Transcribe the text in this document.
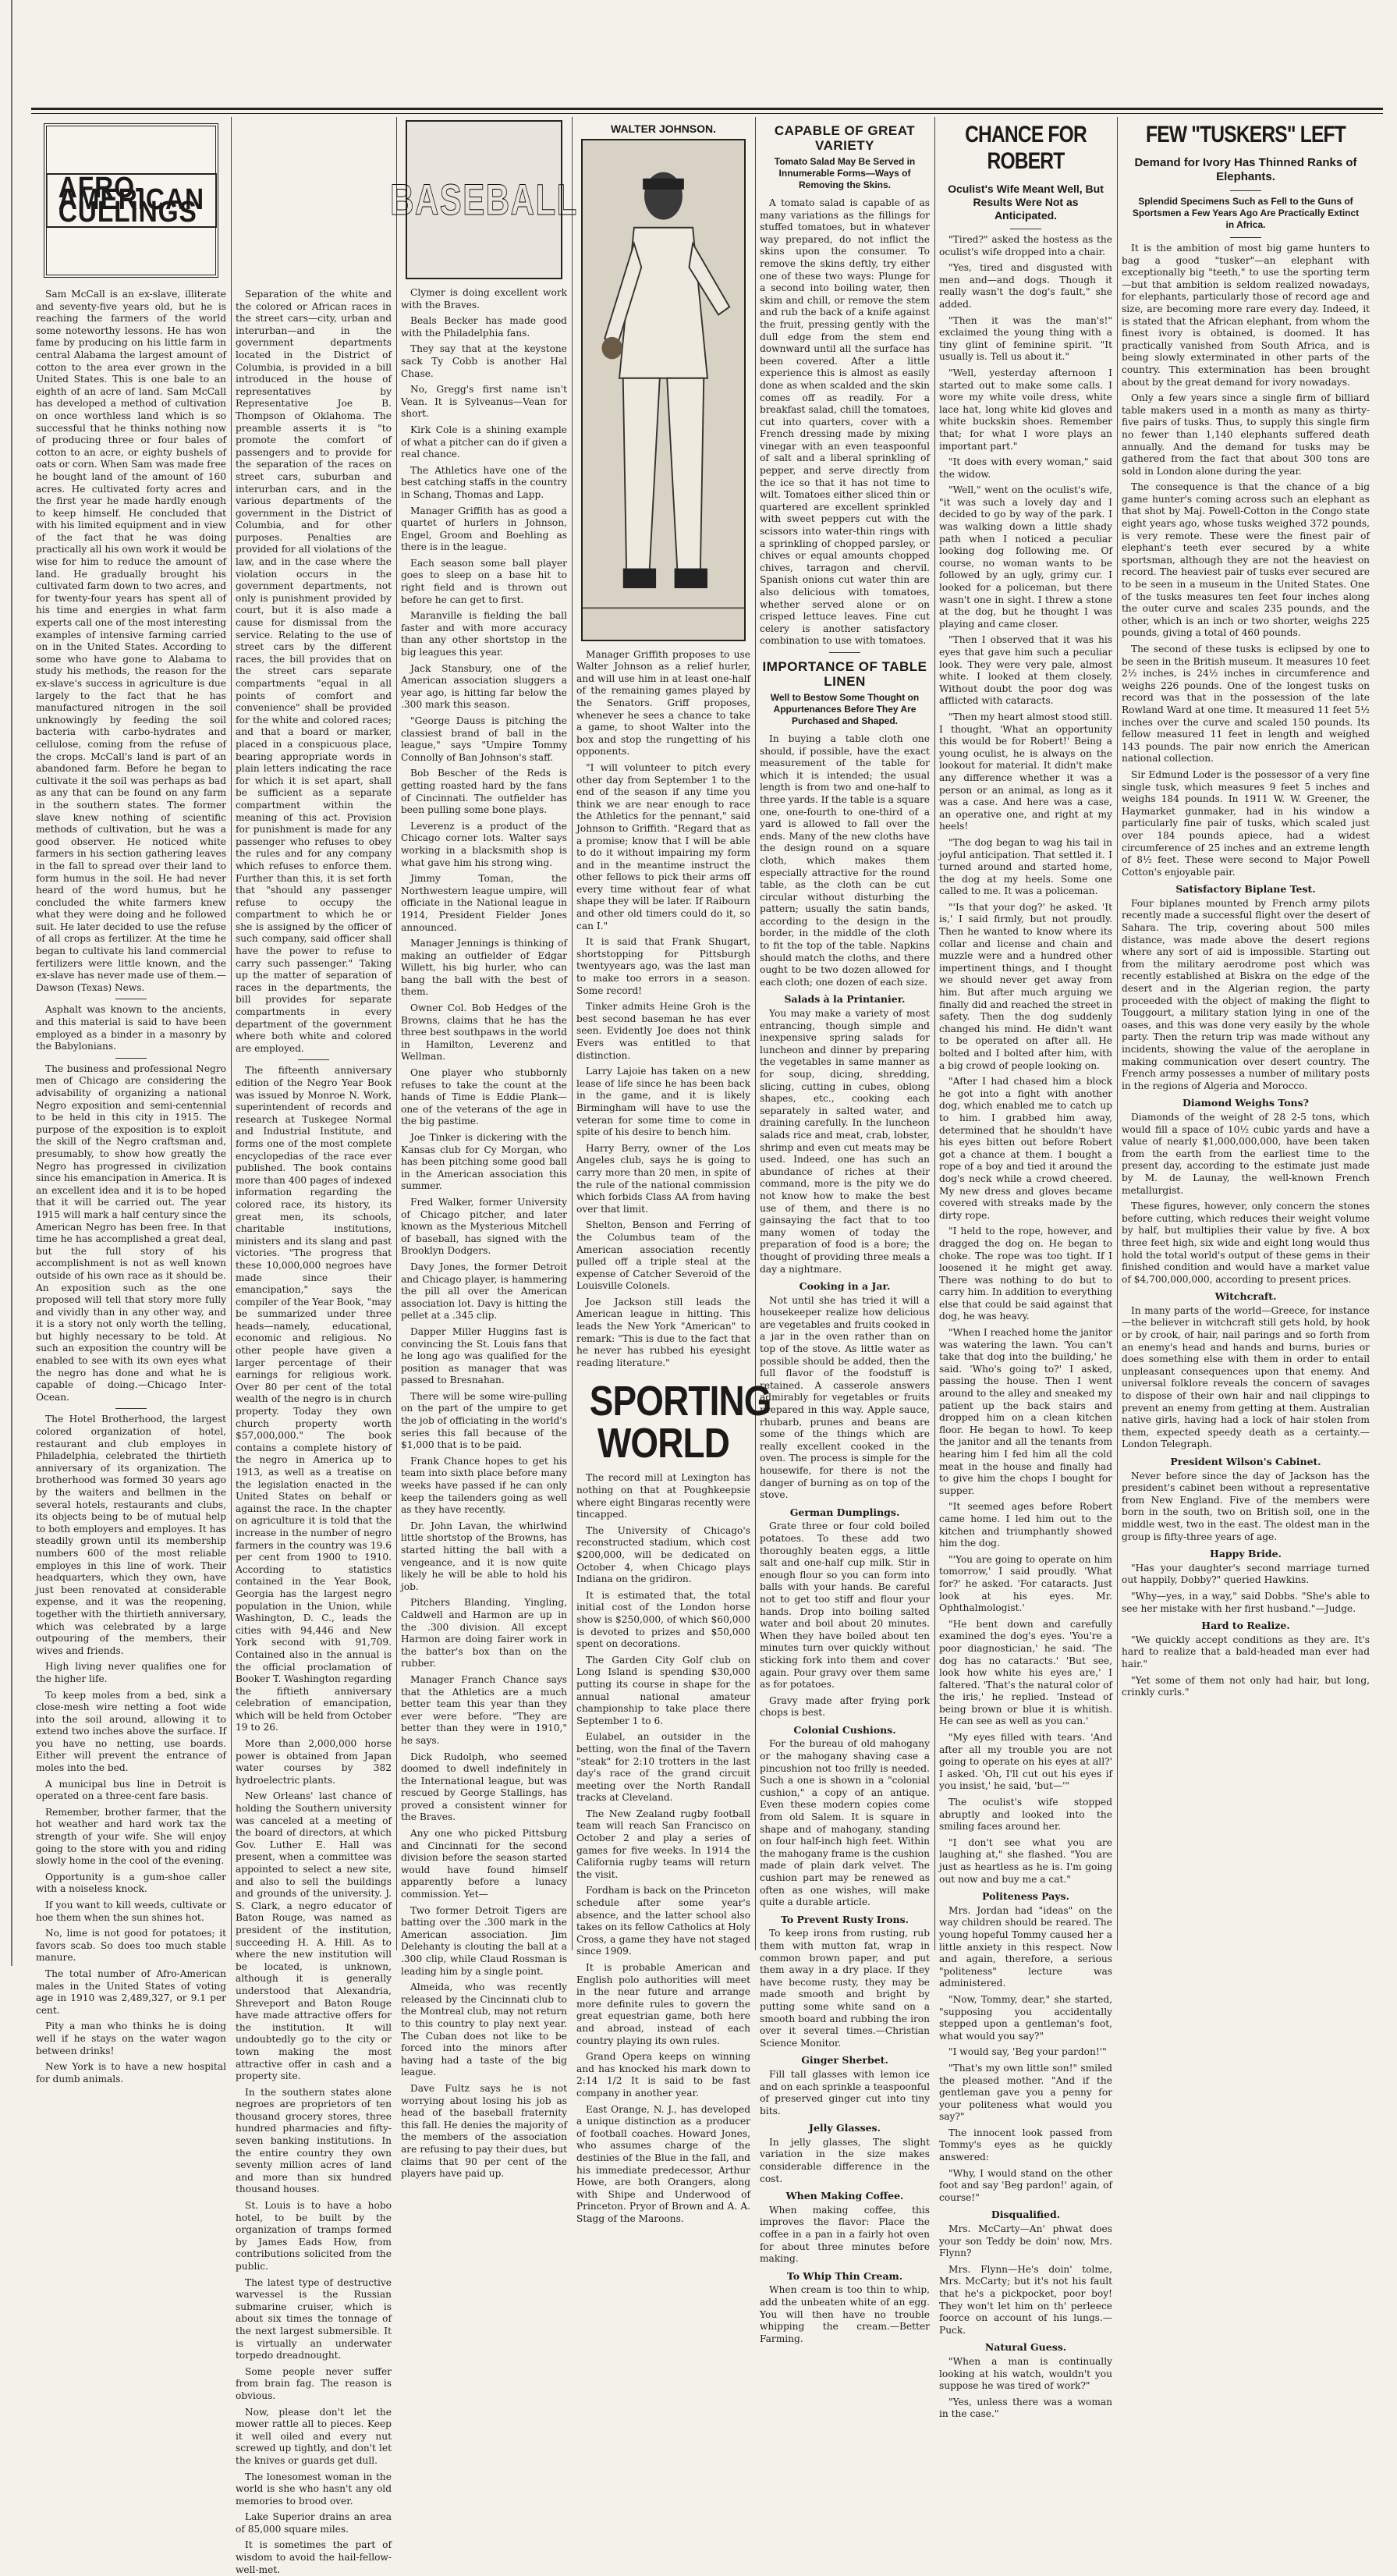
AFRO-AMERICAN CULLINGS

Sam McCall is an ex-slave, illiterate and seventy-five years old, but he is reaching the farmers of the world some noteworthy lessons. He has won fame by producing on his little farm in central Alabama the largest amount of cotton to the area ever grown in the United States. This is one bale to an eighth of an acre of land. Sam McCall has developed a method of cultivation on once worthless land which is so successful that he thinks nothing now of producing three or four bales of cotton to an acre, or eighty bushels of oats or corn. When Sam was made free he bought land of the amount of 160 acres. He cultivated forty acres and the first year he made hardly enough to keep himself. He concluded that with his limited equipment and in view of the fact that he was doing practically all his own work it would be wise for him to reduce the amount of land. He gradually brought his cultivated farm down to two acres, and for twenty-four years has spent all of his time and energies in what farm experts call one of the most interesting examples of intensive farming carried on in the United States. According to some who have gone to Alabama to study his methods, the reason for the ex-slave's success in agriculture is due largely to the fact that he has manufactured nitrogen in the soil unknowingly by feeding the soil bacteria with carbo-hydrates and cellulose, coming from the refuse of the crops. McCall's land is part of an abandoned farm. Before he began to cultivate it the soil was perhaps as bad as any that can be found on any farm in the southern states. The former slave knew nothing of scientific methods of cultivation, but he was a good observer. He noticed white farmers in his section gathering leaves in the fall to spread over their land to form humus in the soil. He had never heard of the word humus, but he concluded the white farmers knew what they were doing and he followed suit. He later decided to use the refuse of all crops as fertilizer. At the time he began to cultivate his land commercial fertilizers were little known, and the ex-slave has never made use of them.—Dawson (Texas) News.

Asphalt was known to the ancients, and this material is said to have been employed as a binder in a masonry by the Babylonians.

The business and professional Negro men of Chicago are considering the advisability of organizing a national Negro exposition and semi-centennial to be held in this city in 1915. The purpose of the exposition is to exploit the skill of the Negro craftsman and, presumably, to show how greatly the Negro has progressed in civilization since his emancipation in America. It is an excellent idea and it is to be hoped that it will be carried out. The year 1915 will mark a half century since the American Negro has been free. In that time he has accomplished a great deal, but the full story of his accomplishment is not as well known outside of his own race as it should be. An exposition such as the one proposed will tell that story more fully and vividly than in any other way, and it is a story not only worth the telling, but highly necessary to be told. At such an exposition the country will be enabled to see with its own eyes what the negro has done and what he is capable of doing.—Chicago Inter-Ocean.

The Hotel Brotherhood, the largest colored organization of hotel, restaurant and club employes in Philadelphia, celebrated the thirtieth anniversary of its organization. The brotherhood was formed 30 years ago by the waiters and bellmen in the several hotels, restaurants and clubs, its objects being to be of mutual help to both employers and employes. It has steadily grown until its membership numbers 600 of the most reliable employes in this line of work. Their headquarters, which they own, have just been renovated at considerable expense, and it was the reopening, together with the thirtieth anniversary, which was celebrated by a large outpouring of the members, their wives and friends.

High living never qualifies one for the higher life.

To keep moles from a bed, sink a close-mesh wire netting a foot wide into the soil around, allowing it to extend two inches above the surface. If you have no netting, use boards. Either will prevent the entrance of moles into the bed.

A municipal bus line in Detroit is operated on a three-cent fare basis.

Remember, brother farmer, that the hot weather and hard work tax the strength of your wife. She will enjoy going to the store with you and riding slowly home in the cool of the evening.

Opportunity is a gum-shoe caller with a noiseless knock.

If you want to kill weeds, cultivate or hoe them when the sun shines hot.

No, lime is not good for potatoes; it favors scab. So does too much stable manure.

The total number of Afro-American males in the United States of voting age in 1910 was 2,489,327, or 9.1 per cent.

Pity a man who thinks he is doing well if he stays on the water wagon between drinks!

New York is to have a new hospital for dumb animals.

Separation of the white and the colored or African races in the street cars—city, urban and interurban—and in the government departments located in the District of Columbia, is provided in a bill introduced in the house of representatives by Representative Joe B. Thompson of Oklahoma. The preamble asserts it is "to promote the comfort of passengers and to provide for the separation of the races on street cars, suburban and interurban cars, and in the various departments of the government in the District of Columbia, and for other purposes. Penalties are provided for all violations of the law, and in the case where the violation occurs in the government departments, not only is punishment provided by court, but it is also made a cause for dismissal from the service. Relating to the use of street cars by the different races, the bill provides that on the street cars separate compartments "equal in all points of comfort and convenience" shall be provided for the white and colored races; and that a board or marker, placed in a conspicuous place, bearing appropriate words in plain letters indicating the race for which it is set apart, shall be sufficient as a separate compartment within the meaning of this act. Provision for punishment is made for any passenger who refuses to obey the rules and for any company which refuses to enforce them. Further than this, it is set forth that "should any passenger refuse to occupy the compartment to which he or she is assigned by the officer of such company, said officer shall have the power to refuse to carry such passenger." Taking up the matter of separation of races in the departments, the bill provides for separate compartments in every department of the government where both white and colored are employed.

The fifteenth anniversary edition of the Negro Year Book was issued by Monroe N. Work, superintendent of records and research at Tuskegee Normal and Industrial Institute, and forms one of the most complete encyclopedias of the race ever published. The book contains more than 400 pages of indexed information regarding the colored race, its history, its great men, its schools, charitable institutions, ministers and its slang and past victories. "The progress that these 10,000,000 negroes have made since their emancipation," says the compiler of the Year Book, "may be summarized under three heads—namely, educational, economic and religious. No other people have given a larger percentage of their earnings for religious work. Over 80 per cent of the total wealth of the negro is in church property. Today they own church property worth $57,000,000." The book contains a complete history of the negro in America up to 1913, as well as a treatise on the legislation enacted in the United States on behalf or against the race. In the chapter on agriculture it is told that the increase in the number of negro farmers in the country was 19.6 per cent from 1900 to 1910. According to statistics contained in the Year Book, Georgia has the largest negro population in the Union, while Washington, D. C., leads the cities with 94,446 and New York second with 91,709. Contained also in the annual is the official proclamation of Booker T. Washington regarding the fiftieth anniversary celebration of emancipation, which will be held from October 19 to 26.

More than 2,000,000 horse power is obtained from Japan water courses by 382 hydroelectric plants.

New Orleans' last chance of holding the Southern university was canceled at a meeting of the board of directors, at which Gov. Luther E. Hall was present, when a committee was appointed to select a new site, and also to sell the buildings and grounds of the university. J. S. Clark, a negro educator of Baton Rouge, was named as president of the institution, succeeding H. A. Hill. As to where the new institution will be located, is unknown, although it is generally understood that Alexandria, Shreveport and Baton Rouge have made attractive offers for the institution. It will undoubtedly go to the city or town making the most attractive offer in cash and a property site.

In the southern states alone negroes are proprietors of ten thousand grocery stores, three hundred pharmacies and fifty-seven banking institutions. In the entire country they own seventy million acres of land and more than six hundred thousand houses.

St. Louis is to have a hobo hotel, to be built by the organization of tramps formed by James Eads How, from contributions solicited from the public.

The latest type of destructive warvessel is the Russian submarine cruiser, which is about six times the tonnage of the next largest submersible. It is virtually an underwater torpedo dreadnought.

Some people never suffer from brain fag. The reason is obvious.

Now, please don't let the mower rattle all to pieces. Keep it well oiled and every nut screwed up tightly, and don't let the knives or guards get dull.

The lonesomest woman in the world is she who hasn't any old memories to brood over.

Lake Superior drains an area of 85,000 square miles.

It is sometimes the part of wisdom to avoid the hail-fellow-well-met.

BASEBALL

Clymer is doing excellent work with the Braves.

Beals Becker has made good with the Philadelphia fans.

They say that at the keystone sack Ty Cobb is another Hal Chase.

No, Gregg's first name isn't Vean. It is Sylveanus—Vean for short.

Kirk Cole is a shining example of what a pitcher can do if given a real chance.

The Athletics have one of the best catching staffs in the country in Schang, Thomas and Lapp.

Manager Griffith has as good a quartet of hurlers in Johnson, Engel, Groom and Boehling as there is in the league.

Each season some ball player goes to sleep on a base hit to right field and is thrown out before he can get to first.

Maranville is fielding the ball faster and with more accuracy than any other shortstop in the big leagues this year.

Jack Stansbury, one of the American association sluggers a year ago, is hitting far below the .300 mark this season.

"George Dauss is pitching the classiest brand of ball in the league," says "Umpire Tommy Connolly of Ban Johnson's staff.

Bob Bescher of the Reds is getting roasted hard by the fans of Cincinnati. The outfielder has been pulling some bone plays.

Leverenz is a product of the Chicago corner lots. Walter says working in a blacksmith shop is what gave him his strong wing.

Jimmy Toman, the Northwestern league umpire, will officiate in the National league in 1914, President Fielder Jones announced.

Manager Jennings is thinking of making an outfielder of Edgar Willett, his big hurler, who can bang the ball with the best of them.

Owner Col. Bob Hedges of the Browns, claims that he has the three best southpaws in the world in Hamilton, Leverenz and Wellman.

One player who stubbornly refuses to take the count at the hands of Time is Eddie Plank—one of the veterans of the age in the big pastime.

Joe Tinker is dickering with the Kansas club for Cy Morgan, who has been pitching some good ball in the American association this summer.

Fred Walker, former University of Chicago pitcher, and later known as the Mysterious Mitchell of baseball, has signed with the Brooklyn Dodgers.

Davy Jones, the former Detroit and Chicago player, is hammering the pill all over the American association lot. Davy is hitting the pellet at a .345 clip.

Dapper Miller Huggins fast is convincing the St. Louis fans that he long ago was qualified for the position as manager that was passed to Bresnahan.

There will be some wire-pulling on the part of the umpire to get the job of officiating in the world's series this fall because of the $1,000 that is to be paid.

Frank Chance hopes to get his team into sixth place before many weeks have passed if he can only keep the tailenders going as well as they have recently.

Dr. John Lavan, the whirlwind little shortstop of the Browns, has started hitting the ball with a vengeance, and it is now quite likely he will be able to hold his job.

Pitchers Blanding, Yingling, Caldwell and Harmon are up in the .300 division. All except Harmon are doing fairer work in the batter's box than on the rubber.

Manager Franch Chance says that the Athletics are a much better team this year than they ever were before. "They are better than they were in 1910," he says.

Dick Rudolph, who seemed doomed to dwell indefinitely in the International league, but was rescued by George Stallings, has proved a consistent winner for the Braves.

Any one who picked Pittsburg and Cincinnati for the second division before the season started would have found himself apparently before a lunacy commission. Yet—

Two former Detroit Tigers are batting over the .300 mark in the American association. Jim Delehanty is clouting the ball at a .300 clip, while Claud Rossman is leading him by a single point.

Almeida, who was recently released by the Cincinnati club to the Montreal club, may not return to this country to play next year. The Cuban does not like to be forced into the minors after having had a taste of the big league.

Dave Fultz says he is not worrying about losing his job as head of the baseball fraternity this fall. He denies the majority of the members of the association are refusing to pay their dues, but claims that 90 per cent of the players have paid up.

WALTER JOHNSON.

Manager Griffith proposes to use Walter Johnson as a relief hurler, and will use him in at least one-half of the remaining games played by the Senators. Griff proposes, whenever he sees a chance to take a game, to shoot Walter into the box and stop the rungetting of his opponents.

"I will volunteer to pitch every other day from September 1 to the end of the season if any time you think we are near enough to race the Athletics for the pennant," said Johnson to Griffith. "Regard that as a promise; know that I will be able to do it without impairing my form and in the meantime instruct the other fellows to pick their arms off every time without fear of what shape they will be later. If Raibourn and other old timers could do it, so can I."

It is said that Frank Shugart, shortstopping for Pittsburgh twentyyears ago, was the last man to make too errors in a season. Some record!

Tinker admits Heine Groh is the best second baseman he has ever seen. Evidently Joe does not think Evers was entitled to that distinction.

Larry Lajoie has taken on a new lease of life since he has been back in the game, and it is likely Birmingham will have to use the veteran for some time to come in spite of his desire to bench him.

Harry Berry, owner of the Los Angeles club, says he is going to carry more than 20 men, in spite of the rule of the national commission which forbids Class AA from having over that limit.

Shelton, Benson and Ferring of the Columbus team of the American association recently pulled off a triple steal at the expense of Catcher Severoid of the Louisville Colonels.

Joe Jackson still leads the American league in hitting. This leads the New York "American" to remark: "This is due to the fact that he never has rubbed his eyesight reading literature."

SPORTING WORLD

The record mill at Lexington has nothing on that at Poughkeepsie where eight Bingaras recently were tincapped.

The University of Chicago's reconstructed stadium, which cost $200,000, will be dedicated on October 4, when Chicago plays Indiana on the gridiron.

It is estimated that, the total initial cost of the London horse show is $250,000, of which $60,000 is devoted to prizes and $50,000 spent on decorations.

The Garden City Golf club on Long Island is spending $30,000 putting its course in shape for the annual national amateur championship to take place there September 1 to 6.

Eulabel, an outsider in the betting, won the final of the Tavern "steak" for 2:10 trotters in the last day's race of the grand circuit meeting over the North Randall tracks at Cleveland.

The New Zealand rugby football team will reach San Francisco on October 2 and play a series of games for five weeks. In 1914 the California rugby teams will return the visit.

Fordham is back on the Princeton schedule after some year's absence, and the latter school also takes on its fellow Catholics at Holy Cross, a game they have not staged since 1909.

It is probable American and English polo authorities will meet in the near future and arrange more definite rules to govern the great equestrian game, both here and abroad, instead of each country playing its own rules.

Grand Opera keeps on winning and has knocked his mark down to 2:14 1/2 It is said to be fast company in another year.

East Orange, N. J., has developed a unique distinction as a producer of football coaches. Howard Jones, who assumes charge of the destinies of the Blue in the fall, and his immediate predecessor, Arthur Howe, are both Orangers, along with Shipe and Underwood of Princeton. Pryor of Brown and A. A. Stagg of the Maroons.

CAPABLE OF GREAT VARIETY
Tomato Salad May Be Served in Innumerable Forms—Ways of Removing the Skins.

A tomato salad is capable of as many variations as the fillings for stuffed tomatoes, but in whatever way prepared, do not inflict the skins upon the consumer. To remove the skins deftly, try either one of these two ways: Plunge for a second into boiling water, then skim and chill, or remove the stem and rub the back of a knife against the fruit, pressing gently with the dull edge from the stem end downward until all the surface has been covered. After a little experience this is almost as easily done as when scalded and the skin comes off as readily. For a breakfast salad, chill the tomatoes, cut into quarters, cover with a French dressing made by mixing vinegar with an even teaspoonful of salt and a liberal sprinkling of pepper, and serve directly from the ice so that it has not time to wilt. Tomatoes either sliced thin or quartered are excellent sprinkled with sweet peppers cut with the scissors into water-thin rings with a sprinkling of chopped parsley, or chives or equal amounts chopped chives, tarragon and chervil. Spanish onions cut water thin are also delicious with tomatoes, whether served alone or on crisped lettuce leaves. Fine cut celery is another satisfactory combination to use with tomatoes.

IMPORTANCE OF TABLE LINEN
Well to Bestow Some Thought on Appurtenances Before They Are Purchased and Shaped.

In buying a table cloth one should, if possible, have the exact measurement of the table for which it is intended; the usual length is from two and one-half to three yards. If the table is a square one, one-fourth to one-third of a yard is allowed to fall over the ends. Many of the new cloths have the design round on a square cloth, which makes them especially attractive for the round table, as the cloth can be cut circular without disturbing the pattern; usually the satin bands, according to the design in the border, in the middle of the cloth to fit the top of the table. Napkins should match the cloths, and there ought to be two dozen allowed for each cloth; one dozen of each size.

Salads à la Printanier.

You may make a variety of most entrancing, though simple and inexpensive spring salads for luncheon and dinner by preparing the vegetables in same manner as for soup, dicing, shredding, slicing, cutting in cubes, oblong shapes, etc., cooking each separately in salted water, and draining carefully. In the luncheon salads rice and meat, crab, lobster, shrimp and even cut meats may be used. Indeed, one has such an abundance of riches at their command, more is the pity we do not know how to make the best use of them, and there is no gainsaying the fact that to too many women of today the preparation of food is a bore; the thought of providing three meals a day a nightmare.

Cooking in a Jar.

Not until she has tried it will a housekeeper realize how delicious are vegetables and fruits cooked in a jar in the oven rather than on top of the stove. As little water as possible should be added, then the full flavor of the foodstuff is retained. A casserole answers admirably for vegetables or fruits prepared in this way. Apple sauce, rhubarb, prunes and beans are some of the things which are really excellent cooked in the oven. The process is simple for the housewife, for there is not the danger of burning as on top of the stove.

German Dumplings.

Grate three or four cold boiled potatoes. To these add two thoroughly beaten eggs, a little salt and one-half cup milk. Stir in enough flour so you can form into balls with your hands. Be careful not to get too stiff and flour your hands. Drop into boiling salted water and boil about 20 minutes. When they have boiled about ten minutes turn over quickly without sticking fork into them and cover again. Pour gravy over them same as for potatoes.

Gravy made after frying pork chops is best.

Colonial Cushions.

For the bureau of old mahogany or the mahogany shaving case a pincushion not too frilly is needed. Such a one is shown in a "colonial cushion," a copy of an antique. Even these modern copies come from old Salem. It is square in shape and of mahogany, standing on four half-inch high feet. Within the mahogany frame is the cushion made of plain dark velvet. The cushion part may be renewed as often as one wishes, will make quite a durable article.

To Prevent Rusty Irons.

To keep irons from rusting, rub them with mutton fat, wrap in common brown paper, and put them away in a dry place. If they have become rusty, they may be made smooth and bright by putting some white sand on a smooth board and rubbing the iron over it several times.—Christian Science Monitor.

Ginger Sherbet.

Fill tall glasses with lemon ice and on each sprinkle a teaspoonful of preserved ginger cut into tiny bits.

Jelly Glasses.

In jelly glasses, The slight variation in the size makes considerable difference in the cost.

When Making Coffee.

When making coffee, this improves the flavor: Place the coffee in a pan in a fairly hot oven for about three minutes before making.

To Whip Thin Cream.

When cream is too thin to whip, add the unbeaten white of an egg. You will then have no trouble whipping the cream.—Better Farming.

CHANCE FOR ROBERT
Oculist's Wife Meant Well, But Results Were Not as Anticipated.

"Tired?" asked the hostess as the oculist's wife dropped into a chair.

"Yes, tired and disgusted with men and—and dogs. Though it really wasn't the dog's fault," she added.

"Then it was the man's!" exclaimed the young thing with a tiny glint of feminine spirit. "It usually is. Tell us about it."

"Well, yesterday afternoon I started out to make some calls. I wore my white voile dress, white lace hat, long white kid gloves and white buckskin shoes. Remember that; for what I wore plays an important part."

"It does with every woman," said the widow.

"Well," went on the oculist's wife, "it was such a lovely day and I decided to go by way of the park. I was walking down a little shady path when I noticed a peculiar looking dog following me. Of course, no woman wants to be followed by an ugly, grimy cur. I looked for a policeman, but there wasn't one in sight. I threw a stone at the dog, but he thought I was playing and came closer.

"Then I observed that it was his eyes that gave him such a peculiar look. They were very pale, almost white. I looked at them closely. Without doubt the poor dog was afflicted with cataracts.

"Then my heart almost stood still. I thought, 'What an opportunity this would be for Robert!' Being a young oculist, he is always on the lookout for material. It didn't make any difference whether it was a person or an animal, as long as it was a case. And here was a case, an operative one, and right at my heels!

"The dog began to wag his tail in joyful anticipation. That settled it. I turned around and started home, the dog at my heels. Some one called to me. It was a policeman.

"'Is that your dog?' he asked. 'It is,' I said firmly, but not proudly. Then he wanted to know where its collar and license and chain and muzzle were and a hundred other impertinent things, and I thought we should never get away from him. But after much arguing we finally did and reached the street in safety. Then the dog suddenly changed his mind. He didn't want to be operated on after all. He bolted and I bolted after him, with a big crowd of people looking on.

"After I had chased him a block he got into a fight with another dog, which enabled me to catch up to him. I grabbed him away, determined that he shouldn't have his eyes bitten out before Robert got a chance at them. I bought a rope of a boy and tied it around the dog's neck while a crowd cheered. My new dress and gloves became covered with streaks made by the dirty rope.

"I held to the rope, however, and dragged the dog on. He began to choke. The rope was too tight. If I loosened it he might get away. There was nothing to do but to carry him. In addition to everything else that could be said against that dog, he was heavy.

"When I reached home the janitor was watering the lawn. 'You can't take that dog into the building,' he said. 'Who's going to?' I asked, passing the house. Then I went around to the alley and sneaked my patient up the back stairs and dropped him on a clean kitchen floor. He began to howl. To keep the janitor and all the tenants from hearing him I fed him all the cold meat in the house and finally had to give him the chops I bought for supper.

"It seemed ages before Robert came home. I led him out to the kitchen and triumphantly showed him the dog.

"'You are going to operate on him tomorrow,' I said proudly. 'What for?' he asked. 'For cataracts. Just look at his eyes. Mr. Ophthalmologist.'

"He bent down and carefully examined the dog's eyes. 'You're a poor diagnostician,' he said. 'The dog has no cataracts.' 'But see, look how white his eyes are,' I faltered. 'That's the natural color of the iris,' he replied. 'Instead of being brown or blue it is whitish. He can see as well as you can.'

"My eyes filled with tears. 'And after all my trouble you are not going to operate on his eyes at all?' I asked. 'Oh, I'll cut out his eyes if you insist,' he said, 'but—'"

The oculist's wife stopped abruptly and looked into the smiling faces around her.

"I don't see what you are laughing at," she flashed. "You are just as heartless as he is. I'm going out now and buy me a cat."

Politeness Pays.

Mrs. Jordan had "ideas" on the way children should be reared. The young hopeful Tommy caused her a little anxiety in this respect. Now and again, therefore, a serious "politeness" lecture was administered.

"Now, Tommy, dear," she started, "supposing you accidentally stepped upon a gentleman's foot, what would you say?"

"I would say, 'Beg your pardon!'"

"That's my own little son!" smiled the pleased mother. "And if the gentleman gave you a penny for your politeness what would you say?"

The innocent look passed from Tommy's eyes as he quickly answered:

"Why, I would stand on the other foot and say 'Beg pardon!' again, of course!"

Disqualified.

Mrs. McCarty—An' phwat does your son Teddy be doin' now, Mrs. Flynn?

Mrs. Flynn—He's doin' tolme, Mrs. McCarty; but it's not his fault that he's a pickpocket, poor boy! They won't let him on th' perleece foorce on account of his lungs.—Puck.

Natural Guess.

"When a man is continually looking at his watch, wouldn't you suppose he was tired of work?"

"Yes, unless there was a woman in the case."

FEW "TUSKERS" LEFT
Demand for Ivory Has Thinned Ranks of Elephants.
Splendid Specimens Such as Fell to the Guns of Sportsmen a Few Years Ago Are Practically Extinct in Africa.

It is the ambition of most big game hunters to bag a good "tusker"—an elephant with exceptionally big "teeth," to use the sporting term—but that ambition is seldom realized nowadays, for elephants, particularly those of record age and size, are becoming more rare every day. Indeed, it is stated that the African elephant, from whom the finest ivory is obtained, is doomed. It has practically vanished from South Africa, and is being slowly exterminated in other parts of the country. This extermination has been brought about by the great demand for ivory nowadays.

Only a few years since a single firm of billiard table makers used in a month as many as thirty-five pairs of tusks. Thus, to supply this single firm no fewer than 1,140 elephants suffered death annually. And the demand for tusks may be gathered from the fact that about 300 tons are sold in London alone during the year.

The consequence is that the chance of a big game hunter's coming across such an elephant as that shot by Maj. Powell-Cotton in the Congo state eight years ago, whose tusks weighed 372 pounds, is very remote. These were the finest pair of elephant's teeth ever secured by a white sportsman, although they are not the heaviest on record. The heaviest pair of tusks ever secured are to be seen in a museum in the United States. One of the tusks measures ten feet four inches along the outer curve and scales 235 pounds, and the other, which is an inch or two shorter, weighs 225 pounds, giving a total of 460 pounds.

The second of these tusks is eclipsed by one to be seen in the British museum. It measures 10 feet 2½ inches, is 24½ inches in circumference and weighs 226 pounds. One of the longest tusks on record was that in the possession of the late Rowland Ward at one time. It measured 11 feet 5½ inches over the curve and scaled 150 pounds. Its fellow measured 11 feet in length and weighed 143 pounds. The pair now enrich the American national collection.

Sir Edmund Loder is the possessor of a very fine single tusk, which measures 9 feet 5 inches and weighs 184 pounds. In 1911 W. W. Greener, the Haymarket gunmaker, had in his window a particularly fine pair of tusks, which scaled just over 184 pounds apiece, had a widest circumference of 25 inches and an extreme length of 8½ feet. These were second to Major Powell Cotton's enjoyable pair.

Satisfactory Biplane Test.

Four biplanes mounted by French army pilots recently made a successful flight over the desert of Sahara. The trip, covering about 500 miles distance, was made above the desert regions where any sort of aid is impossible. Starting out from the military aerodrome post which was recently established at Biskra on the edge of the desert and in the Algerian region, the party proceeded with the object of making the flight to Touggourt, a military station lying in one of the oases, and this was done very easily by the whole party. Then the return trip was made without any incidents, showing the value of the aeroplane in making communication over desert country. The French army possesses a number of military posts in the regions of Algeria and Morocco.

Diamond Weighs Tons?

Diamonds of the weight of 28 2-5 tons, which would fill a space of 10½ cubic yards and have a value of nearly $1,000,000,000, have been taken from the earth from the earliest time to the present day, according to the estimate just made by M. de Launay, the well-known French metallurgist.

These figures, however, only concern the stones before cutting, which reduces their weight volume by half, but multiplies their value by five. A box three feet high, six wide and eight long would thus hold the total world's output of these gems in their finished condition and would have a market value of $4,700,000,000, according to present prices.

Witchcraft.

In many parts of the world—Greece, for instance—the believer in witchcraft still gets hold, by hook or by crook, of hair, nail parings and so forth from an enemy's head and hands and burns, buries or does something else with them in order to entail unpleasant consequences upon that enemy. And universal folklore reveals the concern of savages to dispose of their own hair and nail clippings to prevent an enemy from getting at them. Australian native girls, having had a lock of hair stolen from them, expected speedy death as a certainty.—London Telegraph.

President Wilson's Cabinet.

Never before since the day of Jackson has the president's cabinet been without a representative from New England. Five of the members were born in the south, two on British soil, one in the middle west, two in the east. The oldest man in the group is fifty-three years of age.

Happy Bride.

"Has your daughter's second marriage turned out happily, Dobby?" queried Hawkins.

"Why—yes, in a way," said Dobbs. "She's able to see her mistake with her first husband."—Judge.

Hard to Realize.

"We quickly accept conditions as they are. It's hard to realize that a bald-headed man ever had hair."

"Yet some of them not only had hair, but long, crinkly curls."
